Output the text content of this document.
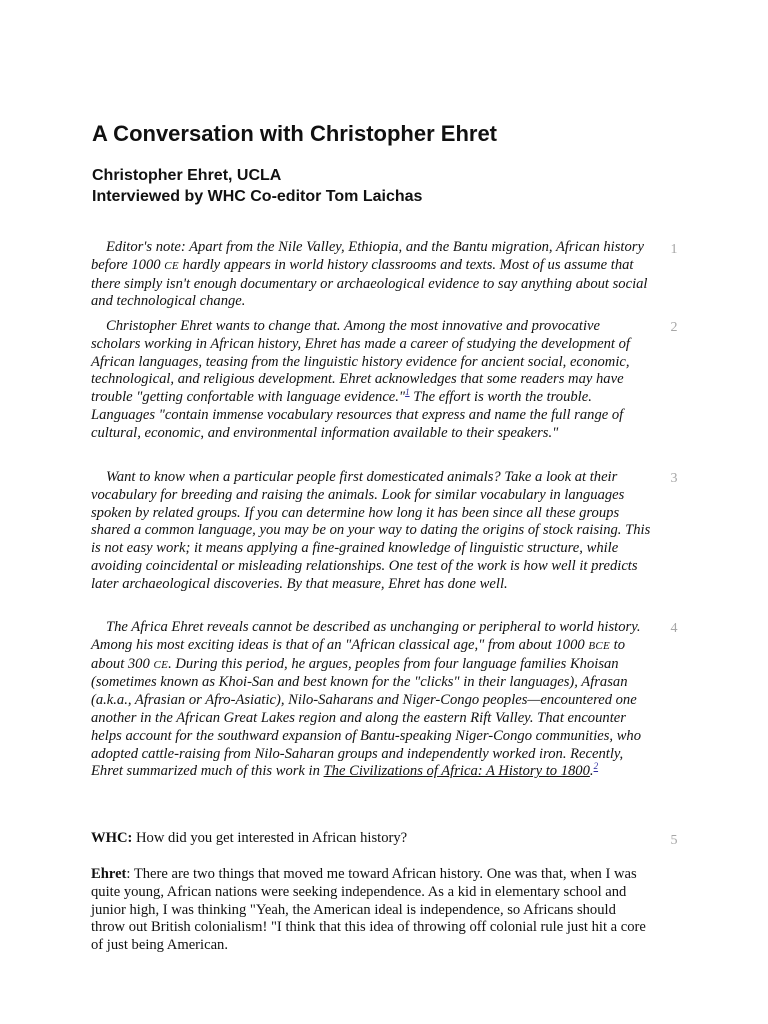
A Conversation with Christopher Ehret
Christopher Ehret, UCLA
Interviewed by WHC Co-editor Tom Laichas

Editor's note: Apart from the Nile Valley, Ethiopia, and the Bantu migration, African history before 1000 CE hardly appears in world history classrooms and texts. Most of us assume that there simply isn't enough documentary or archaeological evidence to say anything about social and technological change.

1

Christopher Ehret wants to change that. Among the most innovative and provocative scholars working in African history, Ehret has made a career of studying the development of African languages, teasing from the linguistic history evidence for ancient social, economic, technological, and religious development. Ehret acknowledges that some readers may have trouble "getting confortable with language evidence."$^1$ The effort is worth the trouble. Languages "contain immense vocabulary resources that express and name the full range of cultural, economic, and environmental information available to their speakers."

2

Want to know when a particular people first domesticated animals? Take a look at their vocabulary for breeding and raising the animals. Look for similar vocabulary in languages spoken by related groups. If you can determine how long it has been since all these groups shared a common language, you may be on your way to dating the origins of stock raising. This is not easy work; it means applying a fine-grained knowledge of linguistic structure, while avoiding coincidental or misleading relationships. One test of the work is how well it predicts later archaeological discoveries. By that measure, Ehret has done well.

3

The Africa Ehret reveals cannot be described as unchanging or peripheral to world history. Among his most exciting ideas is that of an "African classical age," from about 1000 BCE to about 300 CE. During this period, he argues, peoples from four language families Khoisan (sometimes known as Khoi-San and best known for the "clicks" in their languages), Afrasan (a.k.a., Afrasian or Afro-Asiatic), Nilo-Saharans and Niger-Congo peoples—encountered one another in the African Great Lakes region and along the eastern Rift Valley. That encounter helps account for the southward expansion of Bantu-speaking Niger-Congo communities, who adopted cattle-raising from Nilo-Saharan groups and independently worked iron. Recently, Ehret summarized much of this work in The Civilizations of Africa: A History to 1800.$^2$

4

WHC: How did you get interested in African history?	5

Ehret: There are two things that moved me toward African history. One was that, when I was quite young, African nations were seeking independence. As a kid in elementary school and junior high, I was thinking "Yeah, the American ideal is independence, so Africans should throw out British colonialism! "I think that this idea of throwing off colonial rule just hit a core of just being American.
